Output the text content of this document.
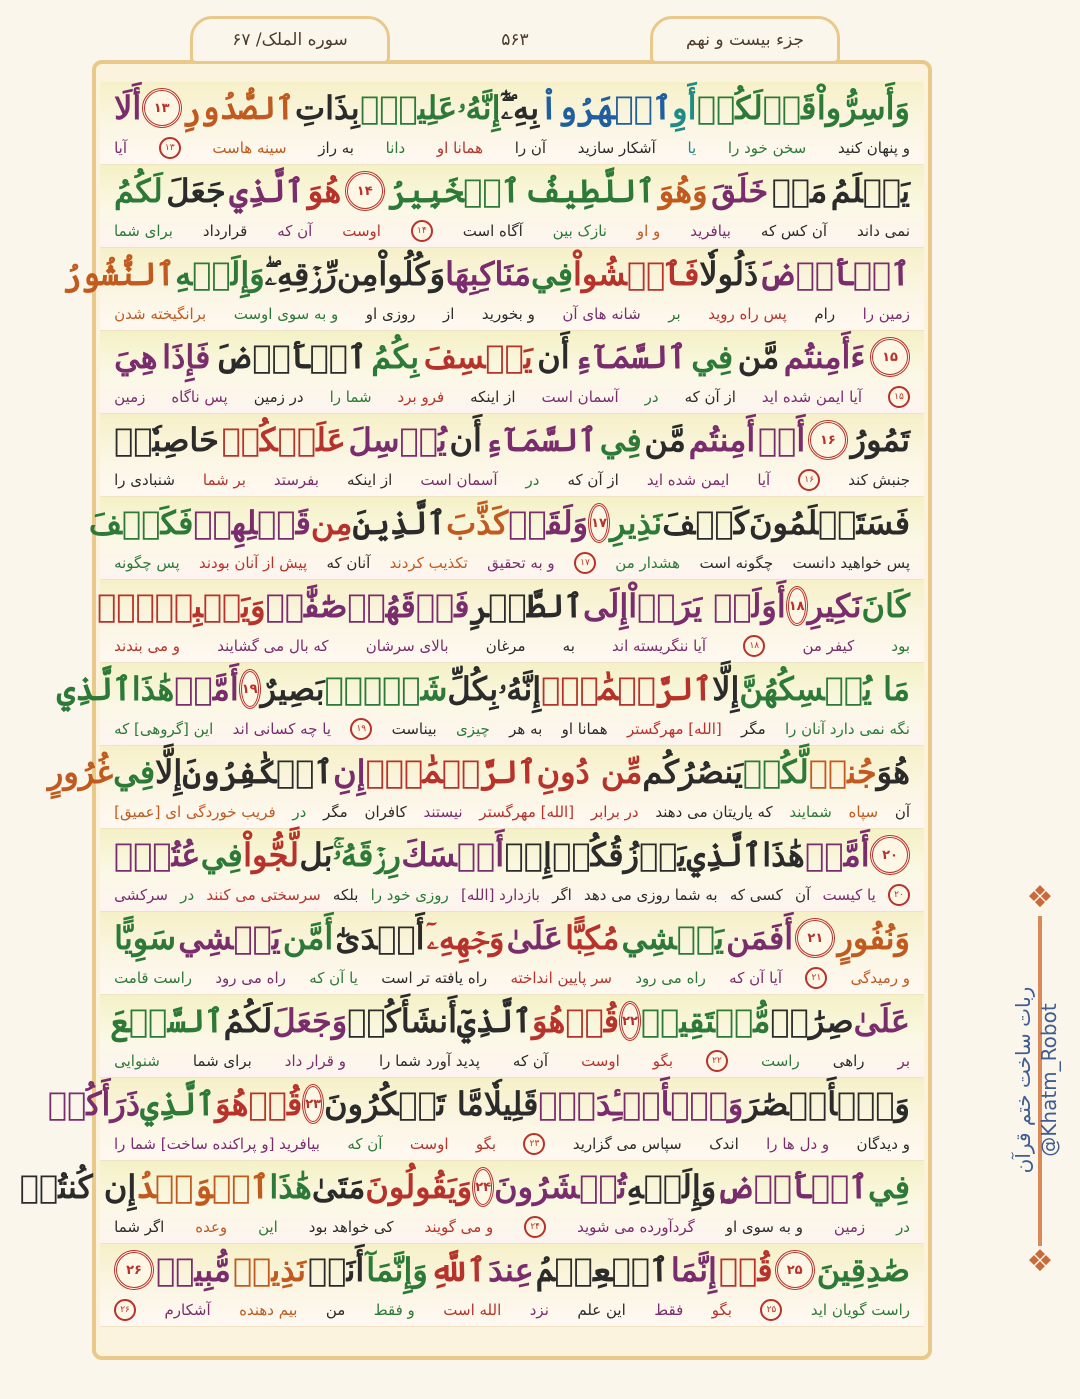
سوره الملک/ ۶۷	۵۶۳	جزء بیست و نهم
وَأَسِرُّواْ
قَوۡلَكُمۡ
أَوِ
ٱجۡهَرُواْ
بِهِۦٓۖ
إِنَّهُۥ
عَلِيمُۢ
بِذَاتِ
ٱلصُّدُورِ
۱۳
أَلَا
و پنهان کنید
سخن خود را
یا
آشکار سازید
آن را
همانا او
دانا
به راز
سینه هاست
۱۳
آیا
يَعۡلَمُ
مَنۡ
خَلَقَ
وَهُوَ
ٱللَّطِيفُ
ٱلۡخَبِيرُ
۱۴
هُوَ
ٱلَّذِي
جَعَلَ
لَكُمُ
نمی داند
آن کس که
بیافرید
و او
نازک بین
آگاه است
۱۴
اوست
آن که
قرارداد
برای شما
ٱلۡأَرۡضَ
ذَلُولٗا
فَٱمۡشُواْ
فِي
مَنَاكِبِهَا
وَكُلُواْ
مِن
رِّزۡقِهِۦۖ
وَإِلَيۡهِ
ٱلنُّشُورُ
زمین را
رام
پس راه روید
بر
شانه های آن
و بخورید
از
روزی او
و به سوی اوست
برانگیخته شدن
۱۵
ءَأَمِنتُم
مَّن
فِي
ٱلسَّمَآءِ
أَن
يَخۡسِفَ
بِكُمُ
ٱلۡأَرۡضَ
فَإِذَا
هِيَ
۱۵
آیا ایمن شده اید
از آن که
در
آسمان است
از اینکه
فرو برد
شما را
در زمین
پس ناگاه
زمین
تَمُورُ
۱۶
أَمۡ
أَمِنتُم
مَّن
فِي
ٱلسَّمَآءِ
أَن
يُرۡسِلَ
عَلَيۡكُمۡ
حَاصِبٗاۖ
جنبش کند
۱۶
آیا
ایمن شده اید
از آن که
در
آسمان است
از اینکه
بفرستد
بر شما
شنبادی را
فَسَتَعۡلَمُونَ
كَيۡفَ
نَذِيرِ
۱۷
وَلَقَدۡ
كَذَّبَ
ٱلَّذِينَ
مِن
قَبۡلِهِمۡ
فَكَيۡفَ
پس خواهید دانست
چگونه است
هشدار من
۱۷
و به تحقیق
تکذیب کردند
آنان که
پیش از آنان بودند
پس چگونه
كَانَ
نَكِيرِ
۱۸
أَوَلَمۡ يَرَوۡاْ
إِلَى
ٱلطَّيۡرِ
فَوۡقَهُمۡ
صَٰٓفَّٰتٖ
وَيَقۡبِضۡنَۚ
بود
کیفر من
۱۸
آیا ننگریسته اند
به
مرغان
بالای سرشان
که بال می گشایند
و می بندند
مَا يُمۡسِكُهُنَّ
إِلَّا
ٱلرَّحۡمَٰنُۚ
إِنَّهُۥ
بِكُلِّ
شَيۡءِۭ
بَصِيرٌ
۱۹
أَمَّنۡ
هَٰذَا
ٱلَّذِي
نگه نمی دارد آنان را
مگر
[الله] مهرگستر
همانا او
به هر
چیزی
بیناست
۱۹
یا چه کسانی اند
این [گروهی] که
هُوَ
جُندٞ
لَّكُمۡ
يَنصُرُكُم
مِّن دُونِ
ٱلرَّحۡمَٰنِۚ
إِنِ
ٱلۡكَٰفِرُونَ
إِلَّا
فِي
غُرُورٍ
آن
سپاه
شمایند
که یاریتان می دهند
در برابر
[الله] مهرگستر
نیستند
کافران
مگر
در
فریب خوردگی ای [عمیق]
۲۰
أَمَّنۡ
هَٰذَا
ٱلَّذِي
يَرۡزُقُكُمۡ
إِنۡ
أَمۡسَكَ
رِزۡقَهُۥۚ
بَل
لَّجُّواْ
فِي
عُتُوّٖ
۲۰
یا کیست
آن
کسی که
به شما روزی می دهد
اگر
بازدارد [الله]
روزی خود را
بلکه
سرسختی می کنند
در
سرکشی
وَنُفُورٍ
۲۱
أَفَمَن
يَمۡشِي
مُكِبًّا
عَلَىٰ
وَجۡهِهِۦٓ
أَهۡدَىٰٓ
أَمَّن
يَمۡشِي
سَوِيًّا
و رمیدگی
۲۱
آیا آن که
راه می رود
سر پایین انداخته
راه یافته تر است
یا آن که
راه می رود
راست قامت
عَلَىٰ
صِرَٰطٖ
مُّسۡتَقِيمٖ
۲۲
قُلۡ
هُوَ
ٱلَّذِيٓ
أَنشَأَكُمۡ
وَجَعَلَ
لَكُمُ
ٱلسَّمۡعَ
بر
راهی
راست
۲۲
بگو
اوست
آن که
پدید آورد شما را
و قرار داد
برای شما
شنوایی
وَٱلۡأَبۡصَٰرَ
وَٱلۡأَفۡـِٔدَةَۖ
قَلِيلٗا
مَّا تَشۡكُرُونَ
۲۳
قُلۡ
هُوَ
ٱلَّذِي
ذَرَأَكُمۡ
و دیدگان
و دل ها را
اندک
سپاس می گزارید
۲۳
بگو
اوست
آن که
بیافرید [و پراکنده ساخت] شما را
فِي
ٱلۡأَرۡضِ
وَإِلَيۡهِ
تُحۡشَرُونَ
۲۴
وَيَقُولُونَ
مَتَىٰ
هَٰذَا
ٱلۡوَعۡدُ
إِن كُنتُمۡ
در
زمین
و به سوی او
گردآورده می شوید
۲۴
و می گویند
کی خواهد بود
این
وعده
اگر شما
صَٰدِقِينَ
۲۵
قُلۡ
إِنَّمَا
ٱلۡعِلۡمُ
عِندَ
ٱللَّهِ
وَإِنَّمَآ
أَنَا۠
نَذِيرٞ
مُّبِينٞ
۲۶
راست گویان اید
۲۵
بگو
فقط
این علم
نزد
الله است
و فقط
من
بیم دهنده
آشکارم
۲۶
❖
❖
ربات ساخت ختم قرآن @Khatm_Robot
